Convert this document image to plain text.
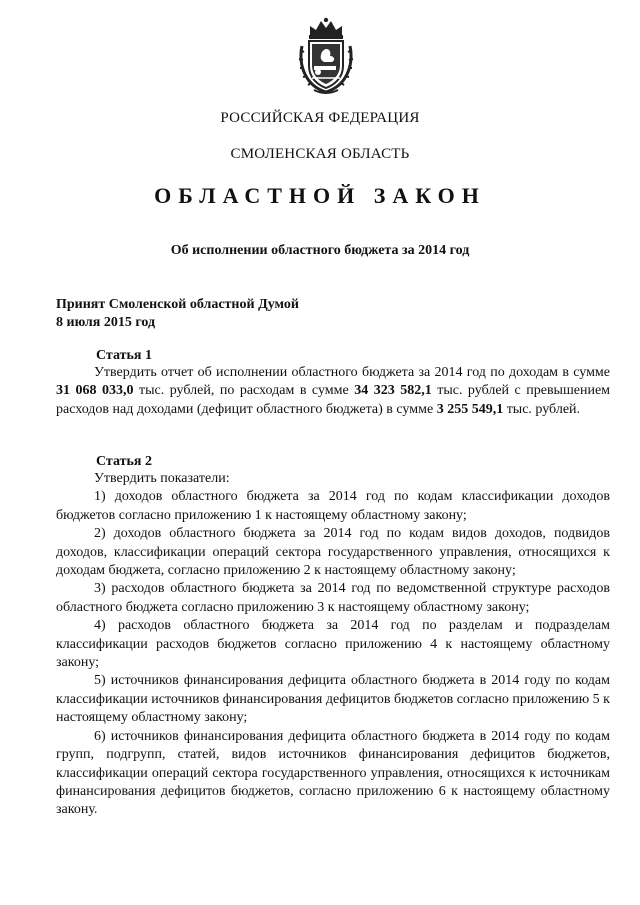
РОССИЙСКАЯ ФЕДЕРАЦИЯ
СМОЛЕНСКАЯ ОБЛАСТЬ
ОБЛАСТНОЙ ЗАКОН
Об исполнении областного бюджета за 2014 год
Принят Смоленской областной Думой
8 июля 2015 год
Статья 1

Утвердить отчет об исполнении областного бюджета за 2014 год по доходам в сумме 31 068 033,0 тыс. рублей, по расходам в сумме 34 323 582,1 тыс. рублей с превышением расходов над доходами (дефицит областного бюджета) в сумме 3 255 549,1 тыс. рублей.

Статья 2

Утвердить показатели:

1) доходов областного бюджета за 2014 год по кодам классификации доходов бюджетов согласно приложению 1 к настоящему областному закону;

2) доходов областного бюджета за 2014 год по кодам видов доходов, подвидов доходов, классификации операций сектора государственного управления, относящихся к доходам бюджета, согласно приложению 2 к настоящему областному закону;

3) расходов областного бюджета за 2014 год по ведомственной структуре расходов областного бюджета согласно приложению 3 к настоящему областному закону;

4) расходов областного бюджета за 2014 год по разделам и подразделам классификации расходов бюджетов согласно приложению 4 к настоящему областному закону;

5) источников финансирования дефицита областного бюджета в 2014 году по кодам классификации источников финансирования дефицитов бюджетов согласно приложению 5 к настоящему областному закону;

6) источников финансирования дефицита областного бюджета в 2014 году по кодам групп, подгрупп, статей, видов источников финансирования дефицитов бюджетов, классификации операций сектора государственного управления, относящихся к источникам финансирования дефицитов бюджетов, согласно приложению 6 к настоящему областному закону.
